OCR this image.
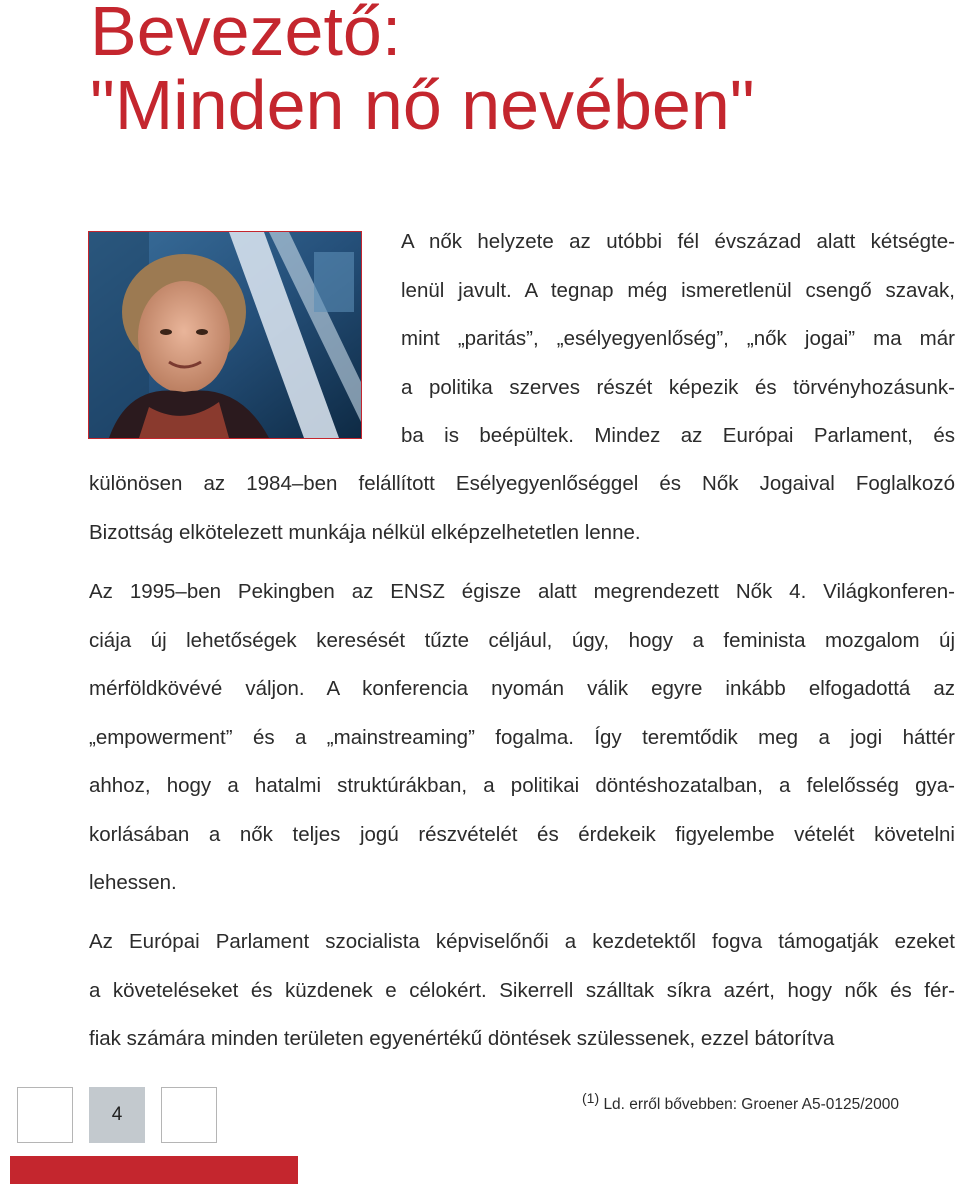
Bevezető:
"Minden nő nevében"
A nők helyzete az utóbbi fél évszázad alatt kétségte-
lenül javult. A tegnap még ismeretlenül csengő szavak,
mint „paritás”, „esélyegyenlőség”, „nők jogai” ma már
a politika szerves részét képezik és törvényhozásunk-
ba is beépültek. Mindez az Európai Parlament, és
különösen az 1984–ben felállított Esélyegyenlőséggel és Nők Jogaival Foglalkozó
Bizottság elkötelezett munkája nélkül elképzelhetetlen lenne.
Az 1995–ben Pekingben az ENSZ égisze alatt megrendezett Nők 4. Világkonferen-
ciája új lehetőségek keresését tűzte céljául, úgy, hogy a feminista mozgalom új
mérföldkövévé váljon. A konferencia nyomán válik egyre inkább elfogadottá az
„empowerment” és a „mainstreaming” fogalma. Így teremtődik meg a jogi háttér
ahhoz, hogy a hatalmi struktúrákban, a politikai döntéshozatalban, a felelősség gya-
korlásában a nők teljes jogú részvételét és érdekeik figyelembe vételét követelni
lehessen.
Az Európai Parlament szocialista képviselőnői a kezdetektől fogva támogatják ezeket
a követeléseket és küzdenek e célokért. Sikerrell szálltak síkra azért, hogy nők és fér-
fiak számára minden területen egyenértékű döntések szülessenek, ezzel bátorítva
4
$^{(1)}$ Ld. erről bővebben: Groener A5-0125/2000
